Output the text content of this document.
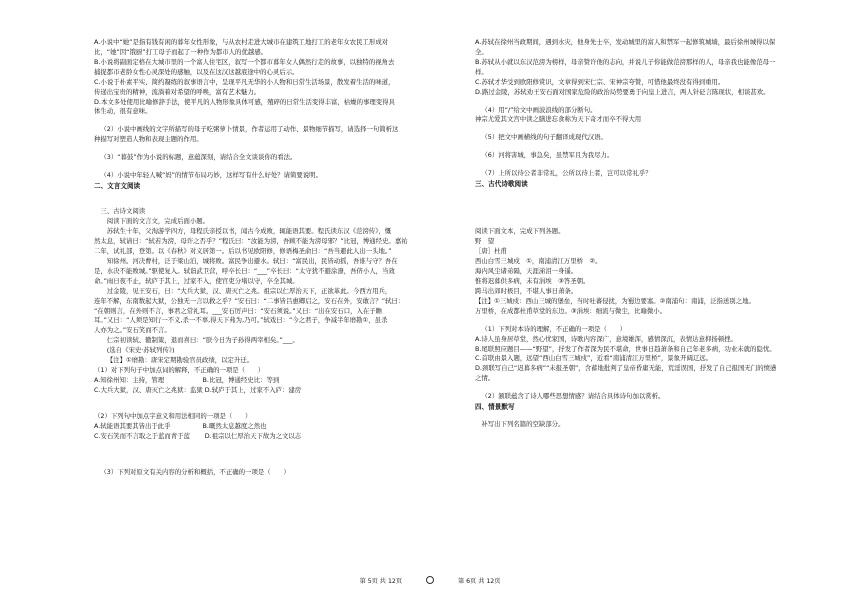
A.小说中“她”是指有钱有闲的暮年女性形象，与从农村走进大城市在建筑工地打工的老年女农民工形成对
比，“她”因“饿厨”打工母子而起了一种作为都市人的优越感。
B.小说将副面定格在大城市里的一个富人住宅区，叙写一个都市暮年女人偶然行走的故事，以独特的视角去
捕捉都市老龄女性心灵深处的感触，以及在这汉这越底途中的心灵后示。
C.小说于朴素平实、简约凝练的叙事语言中，呈现平凡无华的小人物和日常生活场景，散发着生活的味道，
传递出宝贵的精神，流淌着对希望的呼唤，富有艺术魅力。
D.本文多处使用比喻修辞手法，使平凡的人物形象具体可感，殖碎的日常生活变得丰富，枯燥的事理变得具
体生动，很有意味。
（2）小说中画线的文字所描写的母子吃粥萝卜情景，作者运用了动作、景物细节描写，请选择一句简析这
种描写对塑造人物和表现主题的作用。
（3）“暮鼓”作为小说的标题，意蕴深刻，请结合全文谈谈你的看法。
（4）小说中年轻人喊“妈”的情节布局巧妙，这样写有什么好处？请简要说明。
二、文言文阅读
三、古诗文阅读
阅读下面的文言文，完成后面小题。
苏轼生十年，父洵游学四方，母程氏亲授以书，闻古今成败，辄能语其要。程氏读东汉《范滂传》，慨
然太息，轼请曰：“轼若为滂，母许之否乎？”程氏曰：“汝能为滂，吾顾不能为滂母邪？”比冠，博通经史。嘉祐
二年，试礼部，登第。以《春秋》对义居第一。后以书见欧阳修，修语梅圣俞曰：“吾当避此人出一头地。”
知徐州。河决曹村，泛于梁山泊，城将败。富民争出避水。轼曰：“富民出，民皆动摇，吾谁与守？吾在
是，水决不能败城。”驱使复入。轼诣武卫营，呼卒长曰：“___”卒长曰：“太守犹不避涂潦，吾侪小人，当效
命。”雨日夜不止，轼庐于其上，过家不入，使官吏分堵以守，卒全其城。
过金陵，见王安石，曰：“大兵大狱，汉、唐灭亡之兆。祖宗以仁厚治天下，正欲革此。今西方用兵，
连年不解，东南数起大狱，公独无一言以救之乎？”安石曰：“二事皆吕惠卿启之，安石在外，安敢言？”轼曰：
“在朝则言，在外则不言，事君之常礼耳。___安石厉声曰：“安石须说。”又曰：“出在安石口，入在子瞻
耳。”又曰：“人须是知行一不义,杀一不辜,得天下弗为,乃可。”轼戏曰：“今之君子，争减半年磨勘①，虽杀
人亦为之。”安石笑而不言。
仁宗初读轼、辙制策，退而喜曰：“朕今日为子孙得两宰相矣。”___。
(选自《宋史·苏轼列传》)
【注】①磨勘：唐宋定期勘验官员政绩，以定升迁。
（1）对下列句子中加点词的解释，不正确的一项是（　　）
A.知徐州知：主持，管理　　　　　　B.比冠，博通经史比：等到
C.大兵大狱，汉、唐灭亡之兆狱：监狱 D.轼庐于其上，过家不入庐：建房
（2）下列句中加点字意义和用法相同的一项是（　　）
A.轼能语其要其皆出于此乎　　　　　B.嘅然太息越度之然也
C.安石笑而不言取之于蓝而青于蓝　　 D.祖宗以仁厚治天下故为之文以志
（3）下列对原文有关内容的分析和概括，不正确的一项是（　　）
A.苏轼在徐州当政期间，遇到水灾，他身先士卒，发动城里的富人和禁军一起修筑城墙，最后徐州城得以保
全。
B.苏轼从小就以东汉范滂为榜样，母亲赞许他的志向，并说儿子你能做范滂那样的人，母亲我也能像范母一
样。
C.苏轼才华受到欧阳修赏识，文章得到宋仁宗、宋神宗夸赞，可惜他最终没有得到重用。
D.路过金陵，苏轼劝王安石面对国家危险的政治局势要勇于向皇上进言，两人针砭言陈现状，相谈甚欢。
（4）用“/”给文中画波浪线的部分断句。
神宗尤爱其文宫中读之膳进忘食称为天下奇才而卒不得大用
（5）把文中画横线的句子翻译成现代汉语。
（6）河将害城，事急矣，虽禁军且为我尽力。
（7）上所以待公者非常礼，公所以待上者，岂可以常礼乎？
三、古代诗歌阅读
阅读下面文本，完成下列各题。
野　望
［唐］杜甫
西山白雪三城戍　①，南浦清江万里桥　②。
海内风尘诸弟隔，天涯涕泪一身遥。
惟将迟暮供多病，未有涓埃　③答圣朝。
跨马出郊时极目，不堪人事日萧条。
【注】①三城戍：西山三城的堡垒，当时吐蕃侵扰，为蜀边要塞。②南浦句：南浦，泛指送别之地。
万里桥，在成都杜甫草堂的东边。③涓埃：细流与微尘，比喻微小。
（1）下列对本诗的理解，不正确的一项是（　　）
A.诗人虽身居草堂，然心忧家国，诗歌内容深广，意境雄浑，感情深沉，表情达意抑扬顿挫。
B.尾联照应题目——“野望”，抒发了作者深为民不堪命，世事日趋萧条和自己年老多病，功业未就的隐忧。
C.首联由景入题，远望“西山白雪三城戍”，近看“南浦清江万里桥”，景象开阔辽远。
D.颈联写自己“迟暮多病”“未报圣朝”，含蓄地批判了皇帝昏庸无能，荒淫误国，抒发了自己报国无门的愤懑
之情。
（2）颔联蕴含了诗人哪些思想情感？请结合具体诗句加以赏析。
四、情景默写
补写出下列名篇的空缺部分。
第 5页 共 12页	第 6页 共 12页
